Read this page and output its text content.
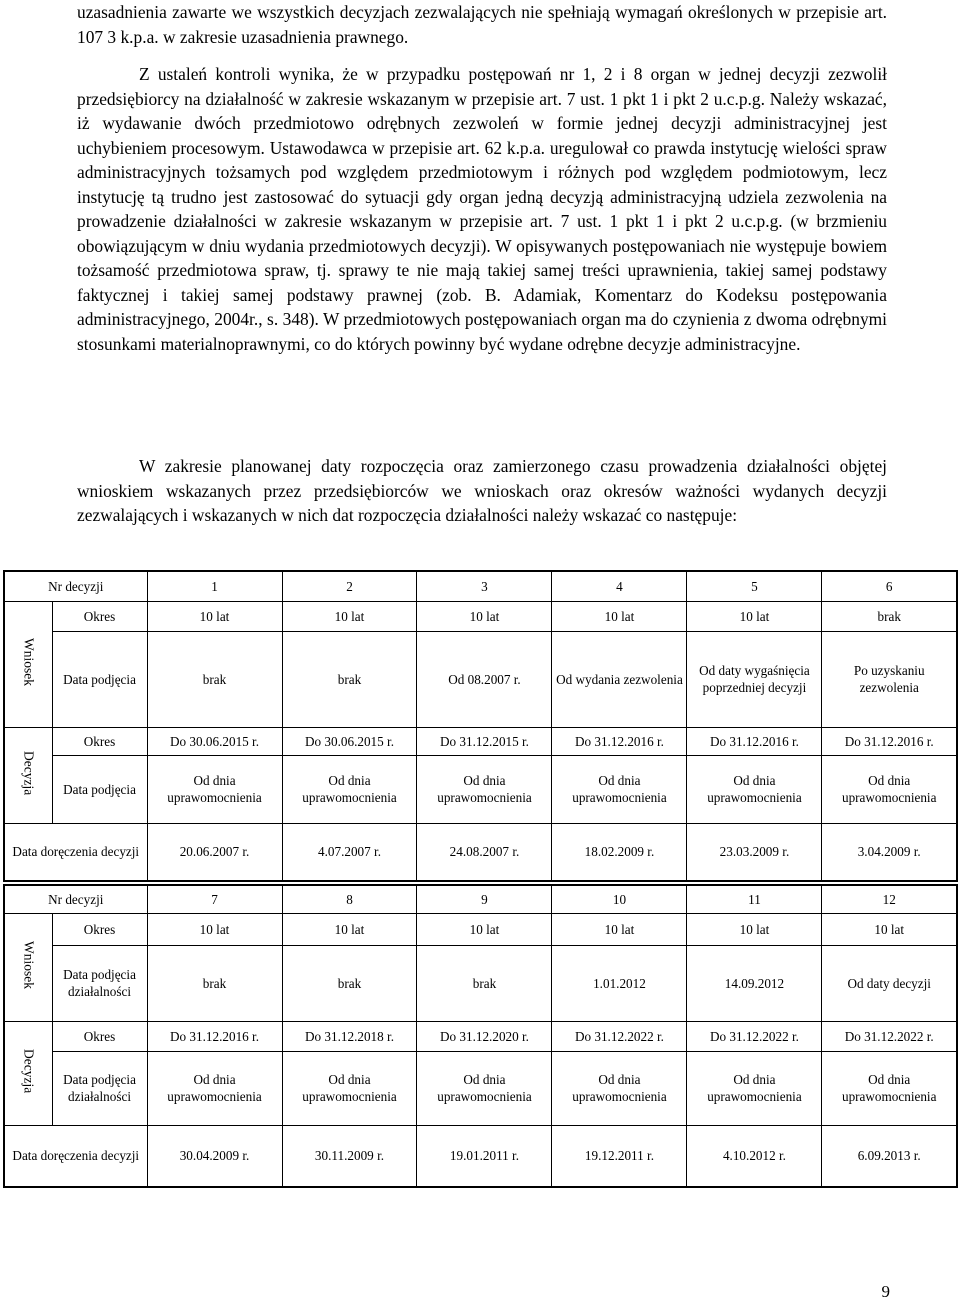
uzasadnienia zawarte we wszystkich decyzjach zezwalających nie spełniają wymagań określonych w przepisie art. 107 3 k.p.a. w zakresie uzasadnienia prawnego.

Z ustaleń kontroli wynika, że w przypadku postępowań nr 1, 2 i 8 organ w jednej decyzji zezwolił przedsiębiorcy na działalność w zakresie wskazanym w przepisie art. 7 ust. 1 pkt 1 i pkt 2 u.c.p.g. Należy wskazać, iż wydawanie dwóch przedmiotowo odrębnych zezwoleń w formie jednej decyzji administracyjnej jest uchybieniem procesowym. Ustawodawca w przepisie art. 62 k.p.a. uregulował co prawda instytucję wielości spraw administracyjnych tożsamych pod względem przedmiotowym i różnych pod względem podmiotowym, lecz instytucję tą trudno jest zastosować do sytuacji gdy organ jedną decyzją administracyjną udziela zezwolenia na prowadzenie działalności w zakresie wskazanym w przepisie art. 7 ust. 1 pkt 1 i pkt 2 u.c.p.g. (w brzmieniu obowiązującym w dniu wydania przedmiotowych decyzji). W opisywanych postępowaniach nie występuje bowiem tożsamość przedmiotowa spraw, tj. sprawy te nie mają takiej samej treści uprawnienia, takiej samej podstawy faktycznej i takiej samej podstawy prawnej (zob. B. Adamiak, Komentarz do Kodeksu postępowania administracyjnego, 2004r., s. 348). W przedmiotowych postępowaniach organ ma do czynienia z dwoma odrębnymi stosunkami materialnoprawnymi, co do których powinny być wydane odrębne decyzje administracyjne.

W zakresie planowanej daty rozpoczęcia oraz zamierzonego czasu prowadzenia działalności objętej wnioskiem wskazanych przez przedsiębiorców we wnioskach oraz okresów ważności wydanych decyzji zezwalających i wskazanych w nich dat rozpoczęcia działalności należy wskazać co następuje:

Nr decyzji		1	2	3	4	5	6
Wniosek	Okres	10 lat	10 lat	10 lat	10 lat	10 lat	brak
	Data podjęcia	brak	brak	Od 08.2007 r.	Od wydania zezwolenia	Od daty wygaśnięcia poprzedniej decyzji	Po uzyskaniu zezwolenia
Decyzja	Okres	Do 30.06.2015 r.	Do 30.06.2015 r.	Do 31.12.2015 r.	Do 31.12.2016 r.	Do 31.12.2016 r.	Do 31.12.2016 r.
	Data podjęcia	Od dnia uprawomocnienia	Od dnia uprawomocnienia	Od dnia uprawomocnienia	Od dnia uprawomocnienia	Od dnia uprawomocnienia	Od dnia uprawomocnienia
Data doręczenia decyzji		20.06.2007 r.	4.07.2007 r.	24.08.2007 r.	18.02.2009 r.	23.03.2009 r.	3.04.2009 r.
Nr decyzji		7	8	9	10	11	12
Wniosek	Okres	10 lat	10 lat	10 lat	10 lat	10 lat	10 lat
	Data podjęcia działalności	brak	brak	brak	1.01.2012	14.09.2012	Od daty decyzji
Decyzja	Okres	Do 31.12.2016 r.	Do 31.12.2018 r.	Do 31.12.2020 r.	Do 31.12.2022 r.	Do 31.12.2022 r.	Do 31.12.2022 r.
	Data podjęcia działalności	Od dnia uprawomocnienia	Od dnia uprawomocnienia	Od dnia uprawomocnienia	Od dnia uprawomocnienia	Od dnia uprawomocnienia	Od dnia uprawomocnienia
Data doręczenia decyzji		30.04.2009 r.	30.11.2009 r.	19.01.2011 r.	19.12.2011 r.	4.10.2012 r.	6.09.2013 r.
9
